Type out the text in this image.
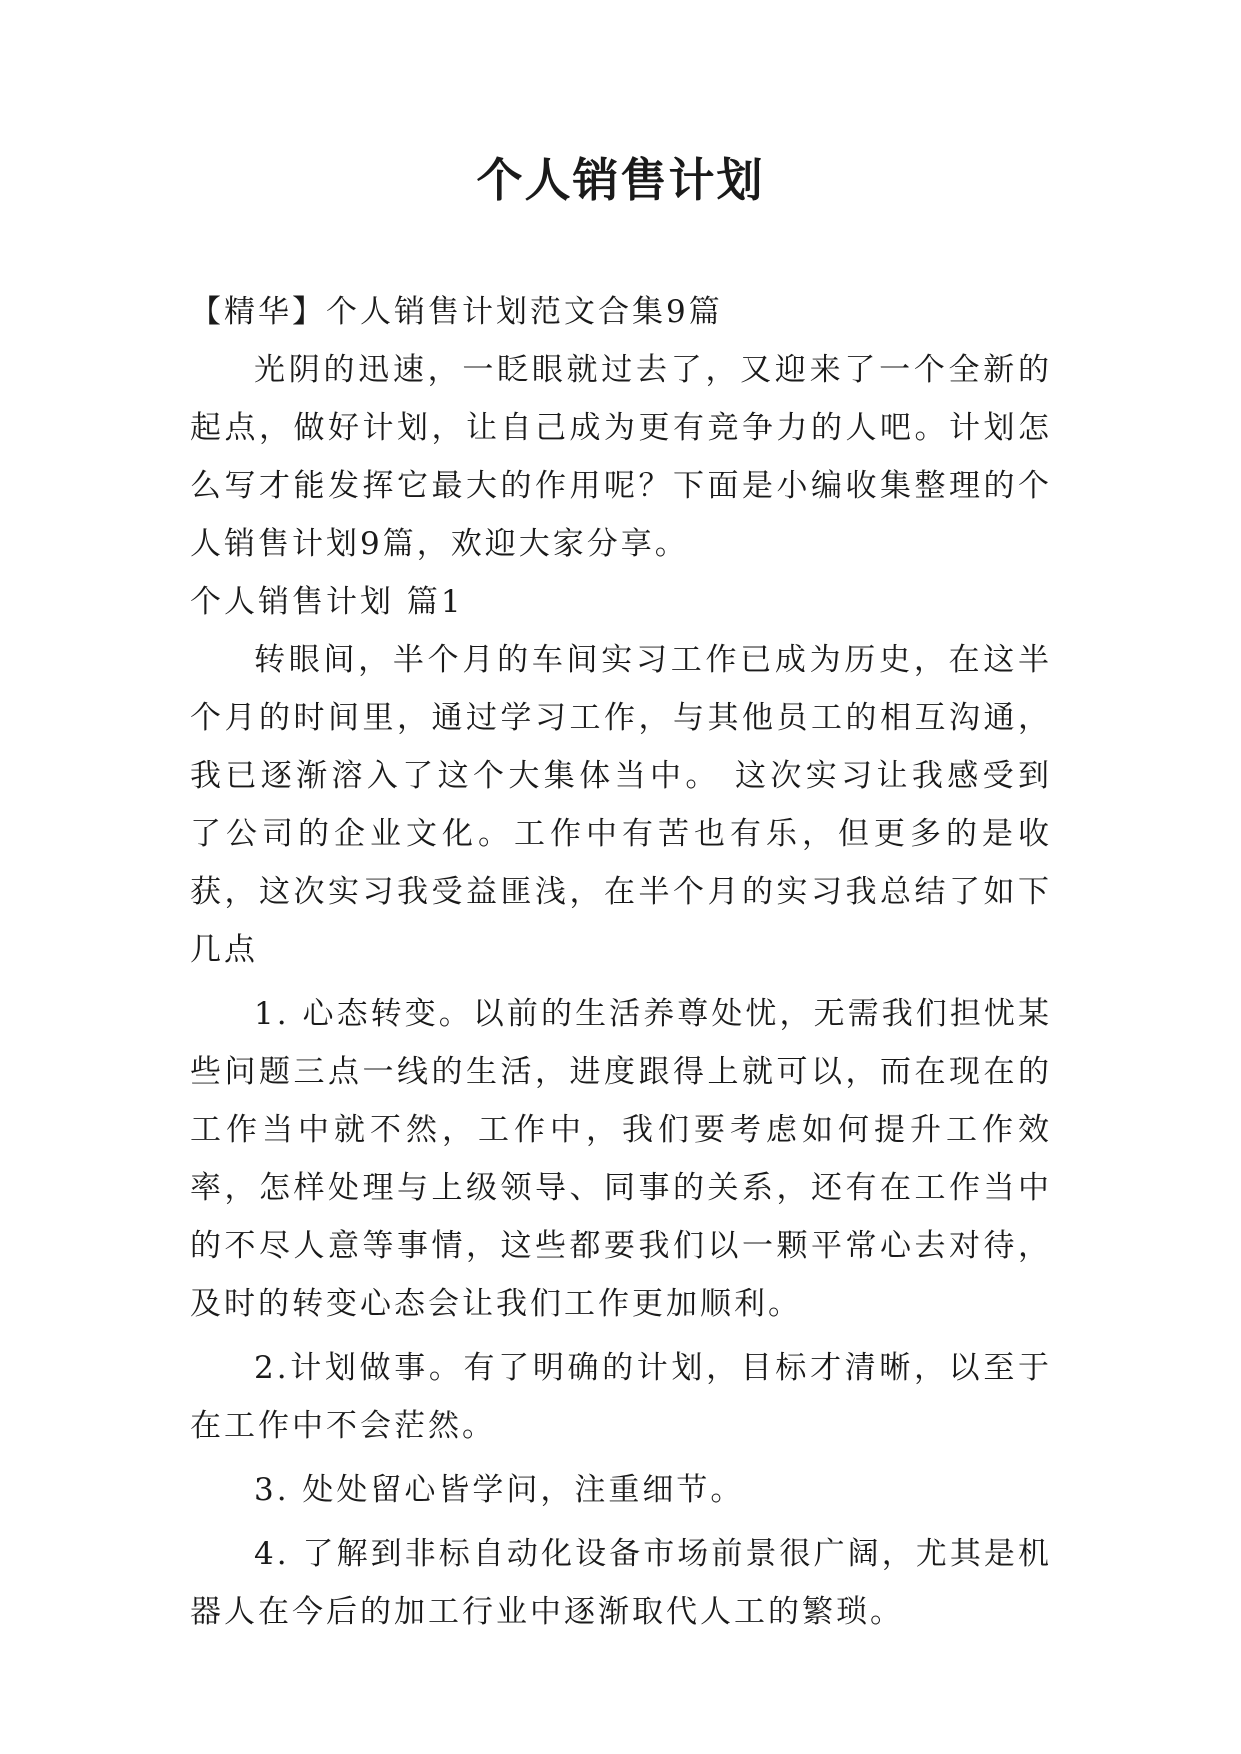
个人销售计划

【精华】个人销售计划范文合集9篇

光阴的迅速，一眨眼就过去了，又迎来了一个全新的起点，做好计划，让自己成为更有竞争力的人吧。计划怎么写才能发挥它最大的作用呢？下面是小编收集整理的个人销售计划9篇，欢迎大家分享。

个人销售计划 篇1

转眼间，半个月的车间实习工作已成为历史，在这半个月的时间里，通过学习工作，与其他员工的相互沟通，我已逐渐溶入了这个大集体当中。 这次实习让我感受到了公司的企业文化。工作中有苦也有乐，但更多的是收获，这次实习我受益匪浅，在半个月的实习我总结了如下几点

1. 心态转变。以前的生活养尊处忧，无需我们担忧某些问题三点一线的生活，进度跟得上就可以，而在现在的工作当中就不然，工作中，我们要考虑如何提升工作效率，怎样处理与上级领导、同事的关系，还有在工作当中的不尽人意等事情，这些都要我们以一颗平常心去对待，及时的转变心态会让我们工作更加顺利。

2.计划做事。有了明确的计划，目标才清晰，以至于在工作中不会茫然。

3. 处处留心皆学问，注重细节。

4. 了解到非标自动化设备市场前景很广阔，尤其是机器人在今后的加工行业中逐渐取代人工的繁琐。
